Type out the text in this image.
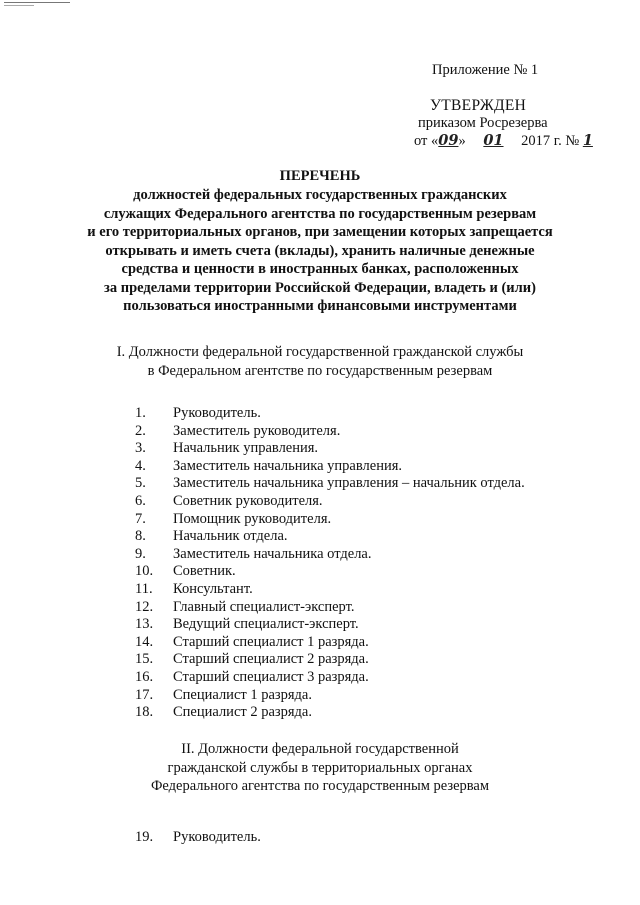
Приложение № 1
УТВЕРЖДЕН
приказом Росрезерва
от «09» 01 2017 г. № 1
ПЕРЕЧЕНЬ
должностей федеральных государственных гражданских
служащих Федерального агентства по государственным резервам
и его территориальных органов, при замещении которых запрещается
открывать и иметь счета (вклады), хранить наличные денежные
средства и ценности в иностранных банках, расположенных
за пределами территории Российской Федерации, владеть и (или)
пользоваться иностранными финансовыми инструментами
I. Должности федеральной государственной гражданской службы
в Федеральном агентстве по государственным резервам
1. Руководитель.
2. Заместитель руководителя.
3. Начальник управления.
4. Заместитель начальника управления.
5. Заместитель начальника управления – начальник отдела.
6. Советник руководителя.
7. Помощник руководителя.
8. Начальник отдела.
9. Заместитель начальника отдела.
10. Советник.
11. Консультант.
12. Главный специалист-эксперт.
13. Ведущий специалист-эксперт.
14. Старший специалист 1 разряда.
15. Старший специалист 2 разряда.
16. Старший специалист 3 разряда.
17. Специалист 1 разряда.
18. Специалист 2 разряда.
II. Должности федеральной государственной
гражданской службы в территориальных органах
Федерального агентства по государственным резервам
19. Руководитель.
